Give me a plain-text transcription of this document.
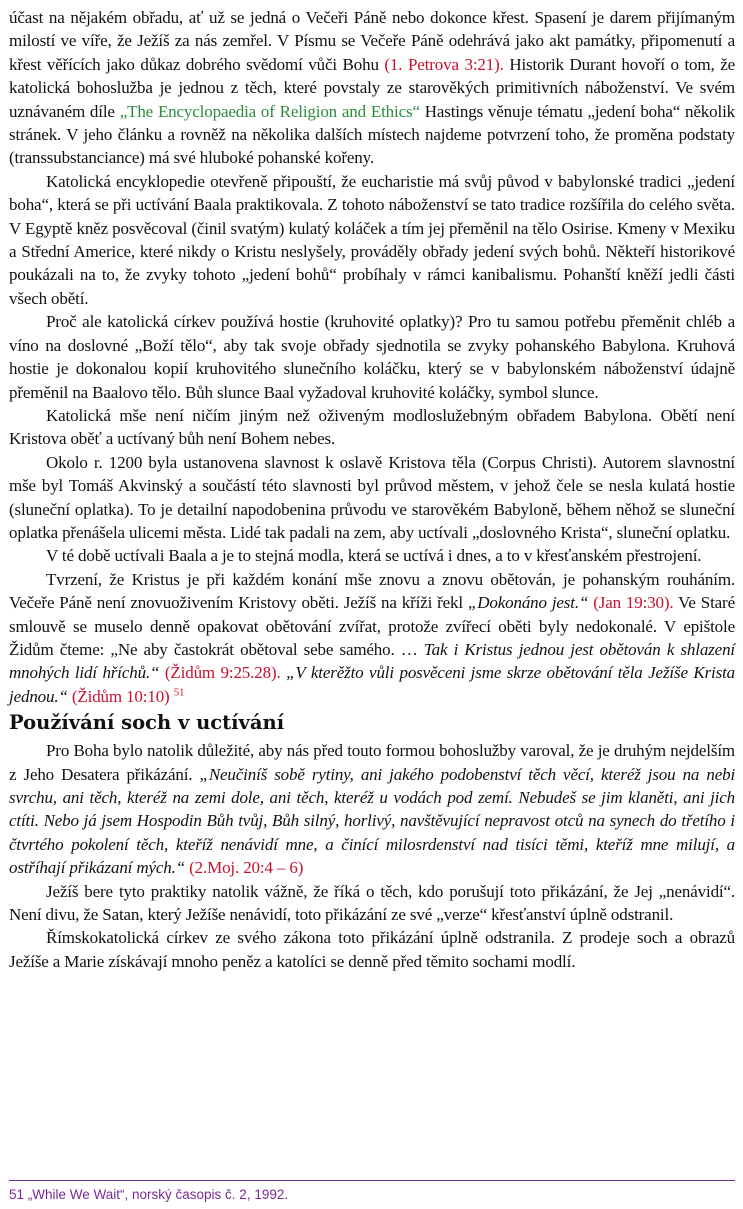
účast na nějakém obřadu, ať už se jedná o Večeři Páně nebo dokonce křest. Spasení je darem přijímaným milostí ve víře, že Ježíš za nás zemřel. V Písmu se Večeře Páně odehrává jako akt památky, připomenutí a křest věřících jako důkaz dobrého svědomí vůči Bohu (1. Petrova 3:21). Historik Durant hovoří o tom, že katolická bohoslužba je jednou z těch, které povstaly ze starověkých primitivních náboženství. Ve svém uznávaném díle „The Encyclopaedia of Religion and Ethics“ Hastings věnuje tématu „jedení boha“ několik stránek. V jeho článku a rovněž na několika dalších místech najdeme potvrzení toho, že proměna podstaty (transsubstanciance) má své hluboké pohanské kořeny.

Katolická encyklopedie otevřeně připouští, že eucharistie má svůj původ v babylonské tradici „jedení boha“, která se při uctívání Baala praktikovala. Z tohoto náboženství se tato tradice rozšířila do celého světa. V Egyptě kněz posvěcoval (činil svatým) kulatý koláček a tím jej přeměnil na tělo Osirise. Kmeny v Mexiku a Střední Americe, které nikdy o Kristu neslyšely, prováděly obřady jedení svých bohů. Někteří historikové poukázali na to, že zvyky tohoto „jedení bohů“ probíhaly v rámci kanibalismu. Pohanští kněží jedli části všech obětí.

Proč ale katolická církev používá hostie (kruhovité oplatky)? Pro tu samou potřebu přeměnit chléb a víno na doslovné „Boží tělo“, aby tak svoje obřady sjednotila se zvyky pohanského Babylona. Kruhová hostie je dokonalou kopií kruhovitého slunečního koláčku, který se v babylonském náboženství údajně přeměnil na Baalovo tělo. Bůh slunce Baal vyžadoval kruhovité koláčky, symbol slunce.

Katolická mše není ničím jiným než oživeným modloslužebným obřadem Babylona. Obětí není Kristova oběť a uctívaný bůh není Bohem nebes.

Okolo r. 1200 byla ustanovena slavnost k oslavě Kristova těla (Corpus Christi). Autorem slavnostní mše byl Tomáš Akvinský a součástí této slavnosti byl průvod městem, v jehož čele se nesla kulatá hostie (sluneční oplatka). To je detailní napodobenina průvodu ve starověkém Babyloně, během něhož se sluneční oplatka přenášela ulicemi města. Lidé tak padali na zem, aby uctívali „doslovného Krista“, sluneční oplatku.

V té době uctívali Baala a je to stejná modla, která se uctívá i dnes, a to v křesťanském přestrojení.

Tvrzení, že Kristus je při každém konání mše znovu a znovu obětován, je pohanským rouháním. Večeře Páně není znovuoživením Kristovy oběti. Ježíš na kříži řekl „Dokonáno jest.“ (Jan 19:30). Ve Staré smlouvě se muselo denně opakovat obětování zvířat, protože zvířecí oběti byly nedokonalé. V epištole Židům čteme: „Ne aby častokrát obětoval sebe samého. … Tak i Kristus jednou jest obětován k shlazení mnohých lidí hříchů.“ (Židům 9:25.28). „V kterěžto vůli posvěceni jsme skrze obětování těla Ježíše Krista jednou.“ (Židům 10:10) $^{51}$

Používání soch v uctívání

Pro Boha bylo natolik důležité, aby nás před touto formou bohoslužby varoval, že je druhým nejdelším z Jeho Desatera přikázání. „Neučiníš sobě rytiny, ani jakého podobenství těch věcí, kteréž jsou na nebi svrchu, ani těch, kteréž na zemi dole, ani těch, kteréž u vodách pod zemí. Nebudeš se jim klaněti, ani jich ctíti. Nebo já jsem Hospodin Bůh tvůj, Bůh silný, horlivý, navštěvující nepravost otců na synech do třetího i čtvrtého pokolení těch, kteříž nenávidí mne, a činící milosrdenství nad tisíci těmi, kteříž mne milují, a ostříhají přikázaní mých.“ (2.Moj. 20:4 – 6)

Ježíš bere tyto praktiky natolik vážně, že říká o těch, kdo porušují toto přikázání, že Jej „nenávidí“. Není divu, že Satan, který Ježíše nenávidí, toto přikázání ze své „verze“ křesťanství úplně odstranil.

Římskokatolická církev ze svého zákona toto přikázání úplně odstranila. Z prodeje soch a obrazů Ježíše a Marie získávají mnoho peněz a katolíci se denně před těmito sochami modlí.

51 „While We Wait“, norský časopis č. 2, 1992.
